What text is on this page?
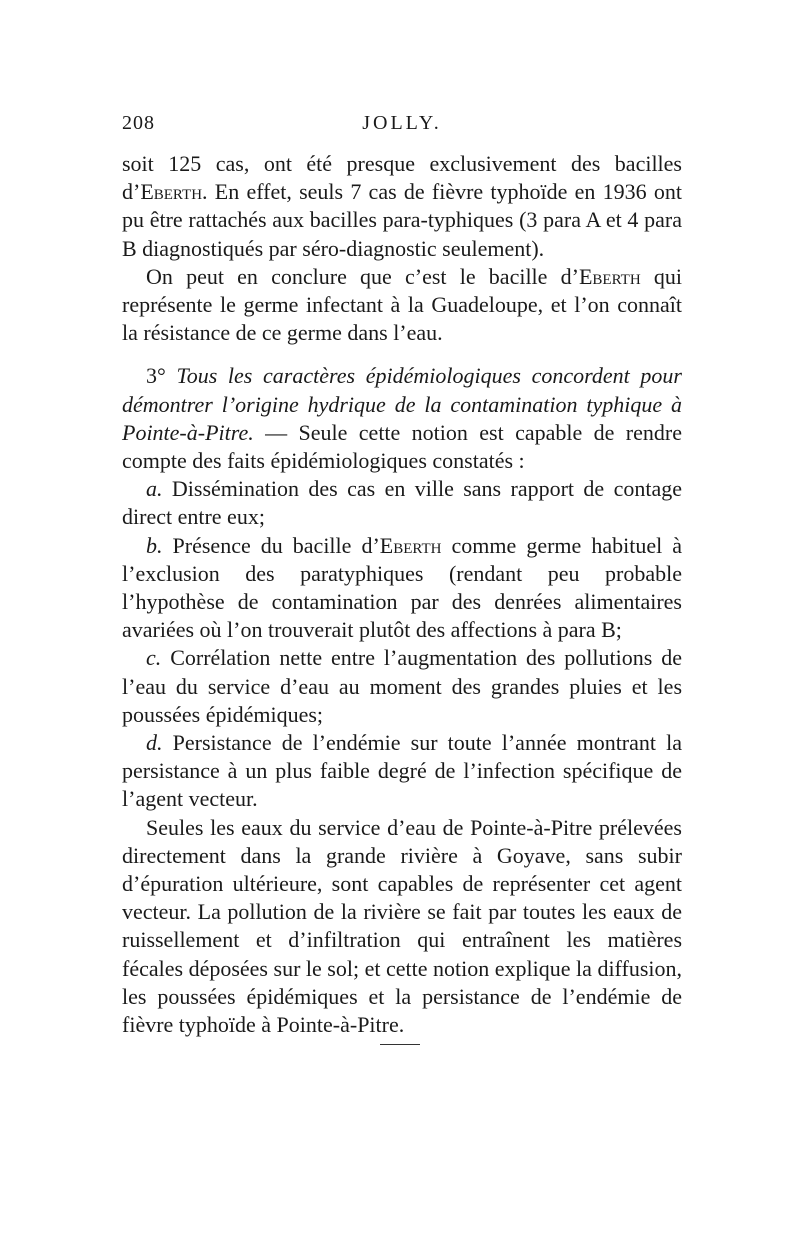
208	JOLLY.

soit 125 cas, ont été presque exclusivement des bacilles d’Eberth. En effet, seuls 7 cas de fièvre typhoïde en 1936 ont pu être rattachés aux bacilles para-typhiques (3 para A et 4 para B diagnostiqués par séro-diagnostic seulement).

On peut en conclure que c’est le bacille d’Eberth qui représente le germe infectant à la Guadeloupe, et l’on connaît la résistance de ce germe dans l’eau.

3° Tous les caractères épidémiologiques concordent pour démontrer l’origine hydrique de la contamination typhique à Pointe-à-Pitre. — Seule cette notion est capable de rendre compte des faits épidémiologiques constatés :

a. Dissémination des cas en ville sans rapport de contage direct entre eux;

b. Présence du bacille d’Eberth comme germe habituel à l’exclusion des paratyphiques (rendant peu probable l’hypothèse de contamination par des denrées alimentaires avariées où l’on trouverait plutôt des affections à para B;

c. Corrélation nette entre l’augmentation des pollutions de l’eau du service d’eau au moment des grandes pluies et les poussées épidémiques;

d. Persistance de l’endémie sur toute l’année montrant la persistance à un plus faible degré de l’infection spécifique de l’agent vecteur.

Seules les eaux du service d’eau de Pointe-à-Pitre prélevées directement dans la grande rivière à Goyave, sans subir d’épuration ultérieure, sont capables de représenter cet agent vecteur. La pollution de la rivière se fait par toutes les eaux de ruissellement et d’infiltration qui entraînent les matières fécales déposées sur le sol; et cette notion explique la diffusion, les poussées épidémiques et la persistance de l’endémie de fièvre typhoïde à Pointe-à-Pitre.
